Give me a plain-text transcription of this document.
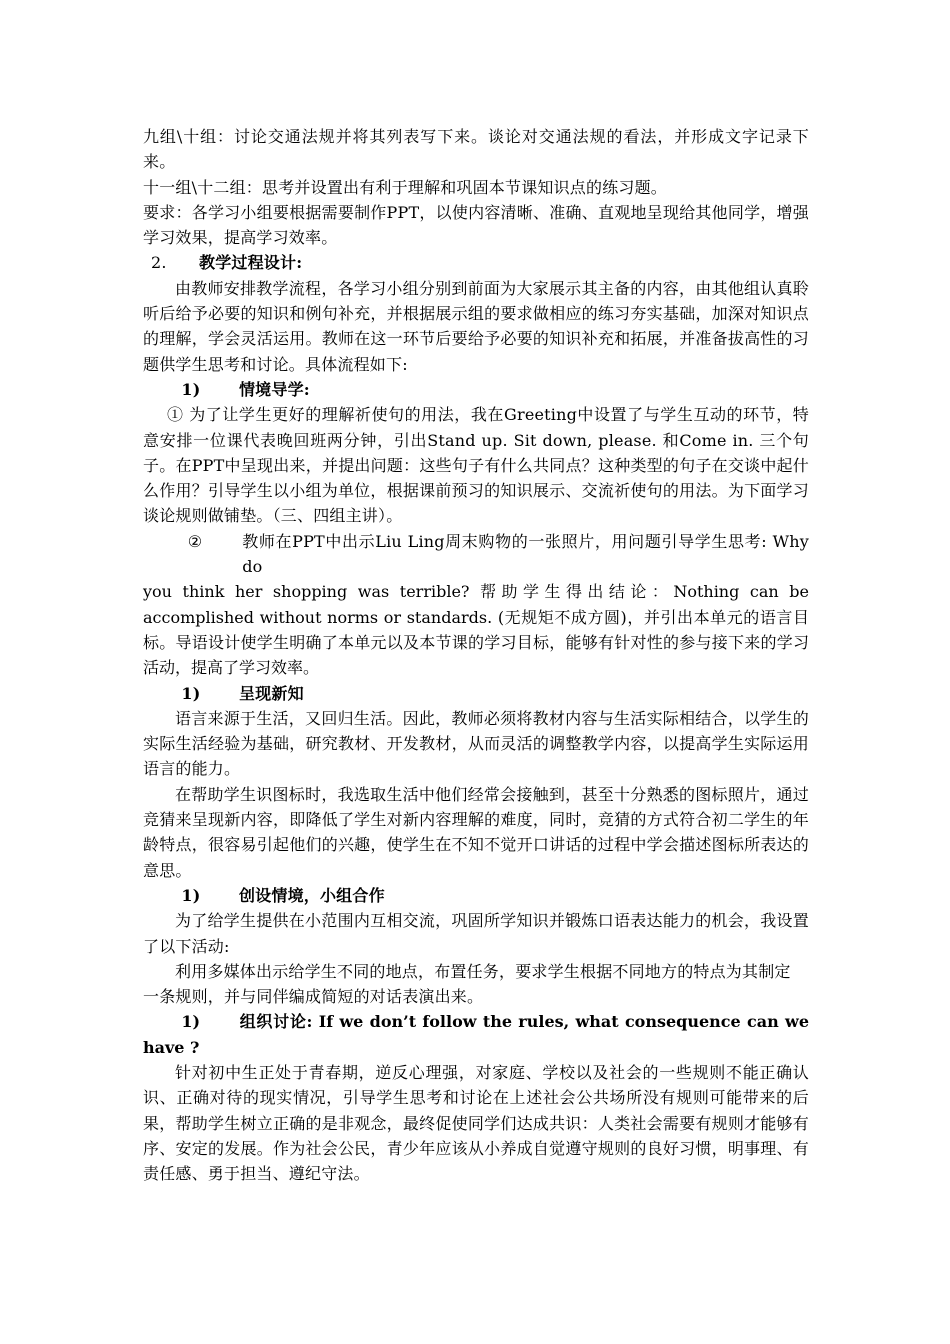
九组\十组：讨论交通法规并将其列表写下来。谈论对交通法规的看法，并形成文字记录下来。

十一组\十二组：思考并设置出有利于理解和巩固本节课知识点的练习题。

要求：各学习小组要根据需要制作PPT，以使内容清晰、准确、直观地呈现给其他同学，增强学习效果，提高学习效率。

2. 教学过程设计:

由教师安排教学流程，各学习小组分别到前面为大家展示其主备的内容，由其他组认真聆听后给予必要的知识和例句补充，并根据展示组的要求做相应的练习夯实基础，加深对知识点的理解，学会灵活运用。教师在这一环节后要给予必要的知识补充和拓展，并准备拔高性的习题供学生思考和讨论。具体流程如下:

1) 情境导学:

① 为了让学生更好的理解祈使句的用法，我在Greeting中设置了与学生互动的环节，特意安排一位课代表晚回班两分钟，引出Stand up. Sit down, please. 和Come in. 三个句子。在PPT中呈现出来，并提出问题：这些句子有什么共同点？这种类型的句子在交谈中起什么作用？引导学生以小组为单位，根据课前预习的知识展示、交流祈使句的用法。为下面学习谈论规则做铺垫。（三、四组主讲）。

② 教师在PPT中出示Liu Ling周末购物的一张照片，用问题引导学生思考: Why do

you think her shopping was terrible? 帮助学生得出结论：Nothing can be accomplished without norms or standards. (无规矩不成方圆)，并引出本单元的语言目标。导语设计使学生明确了本单元以及本节课的学习目标，能够有针对性的参与接下来的学习活动，提高了学习效率。

1) 呈现新知

语言来源于生活，又回归生活。因此，教师必须将教材内容与生活实际相结合，以学生的实际生活经验为基础，研究教材、开发教材，从而灵活的调整教学内容，以提高学生实际运用语言的能力。

在帮助学生识图标时，我选取生活中他们经常会接触到，甚至十分熟悉的图标照片，通过竞猜来呈现新内容，即降低了学生对新内容理解的难度，同时，竞猜的方式符合初二学生的年龄特点，很容易引起他们的兴趣，使学生在不知不觉开口讲话的过程中学会描述图标所表达的意思。

1) 创设情境，小组合作

为了给学生提供在小范围内互相交流，巩固所学知识并锻炼口语表达能力的机会，我设置了以下活动:

利用多媒体出示给学生不同的地点，布置任务，要求学生根据不同地方的特点为其制定

一条规则，并与同伴编成简短的对话表演出来。

1) 组织讨论: If we don’t follow the rules, what consequence can we have ?

针对初中生正处于青春期，逆反心理强，对家庭、学校以及社会的一些规则不能正确认识、正确对待的现实情况，引导学生思考和讨论在上述社会公共场所没有规则可能带来的后果，帮助学生树立正确的是非观念，最终促使同学们达成共识：人类社会需要有规则才能够有序、安定的发展。作为社会公民，青少年应该从小养成自觉遵守规则的良好习惯，明事理、有责任感、勇于担当、遵纪守法。
